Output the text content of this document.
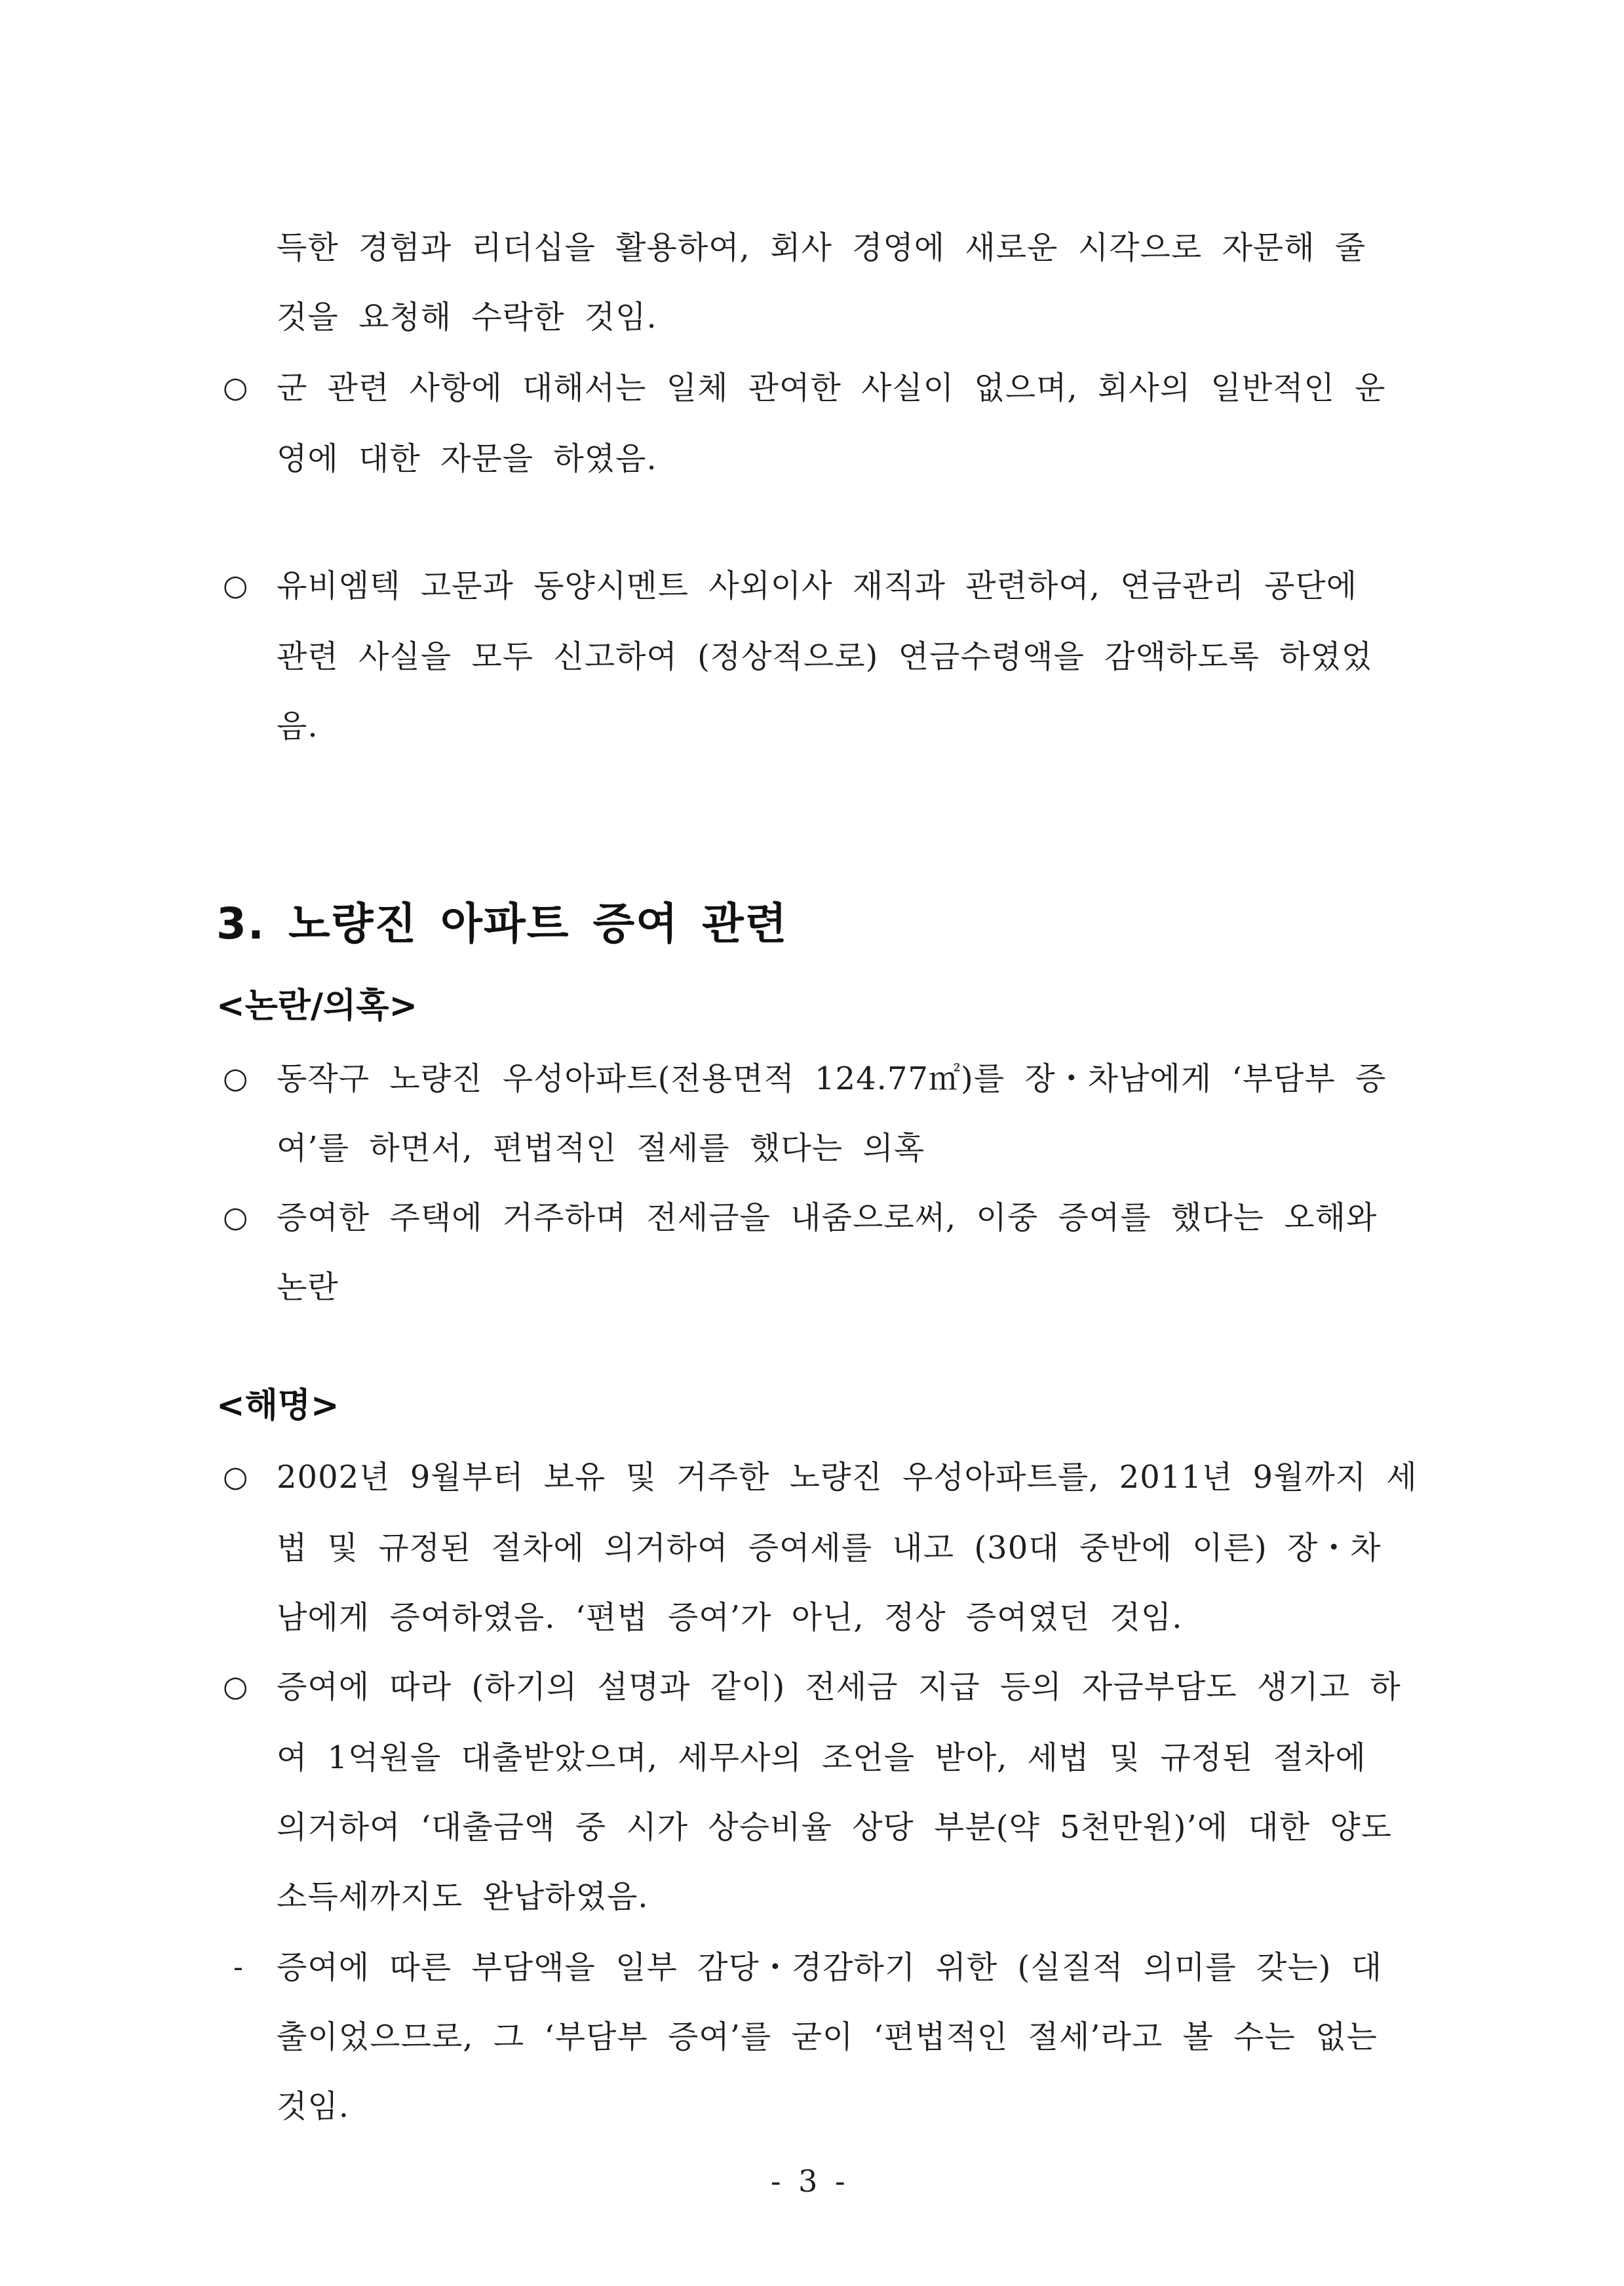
득한 경험과 리더십을 활용하여, 회사 경영에 새로운 시각으로 자문해 줄
것을 요청해 수락한 것임.
○ 군 관련 사항에 대해서는 일체 관여한 사실이 없으며, 회사의 일반적인 운
영에 대한 자문을 하였음.
○ 유비엠텍 고문과 동양시멘트 사외이사 재직과 관련하여, 연금관리 공단에
관련 사실을 모두 신고하여 (정상적으로) 연금수령액을 감액하도록 하였었
음.
3. 노량진 아파트 증여 관련
<논란/의혹>
○ 동작구 노량진 우성아파트(전용면적 124.77㎡)를 장・차남에게 ‘부담부 증
여’를 하면서, 편법적인 절세를 했다는 의혹
○ 증여한 주택에 거주하며 전세금을 내줌으로써, 이중 증여를 했다는 오해와
논란
<해명>
○ 2002년 9월부터 보유 및 거주한 노량진 우성아파트를, 2011년 9월까지 세
법 및 규정된 절차에 의거하여 증여세를 내고 (30대 중반에 이른) 장・차
남에게 증여하였음. ‘편법 증여’가 아닌, 정상 증여였던 것임.
○ 증여에 따라 (하기의 설명과 같이) 전세금 지급 등의 자금부담도 생기고 하
여 1억원을 대출받았으며, 세무사의 조언을 받아, 세법 및 규정된 절차에
의거하여 ‘대출금액 중 시가 상승비율 상당 부분(약 5천만원)’에 대한 양도
소득세까지도 완납하였음.
- 증여에 따른 부담액을 일부 감당・경감하기 위한 (실질적 의미를 갖는) 대
출이었으므로, 그 ‘부담부 증여’를 굳이 ‘편법적인 절세’라고 볼 수는 없는
것임.
- 3 -
